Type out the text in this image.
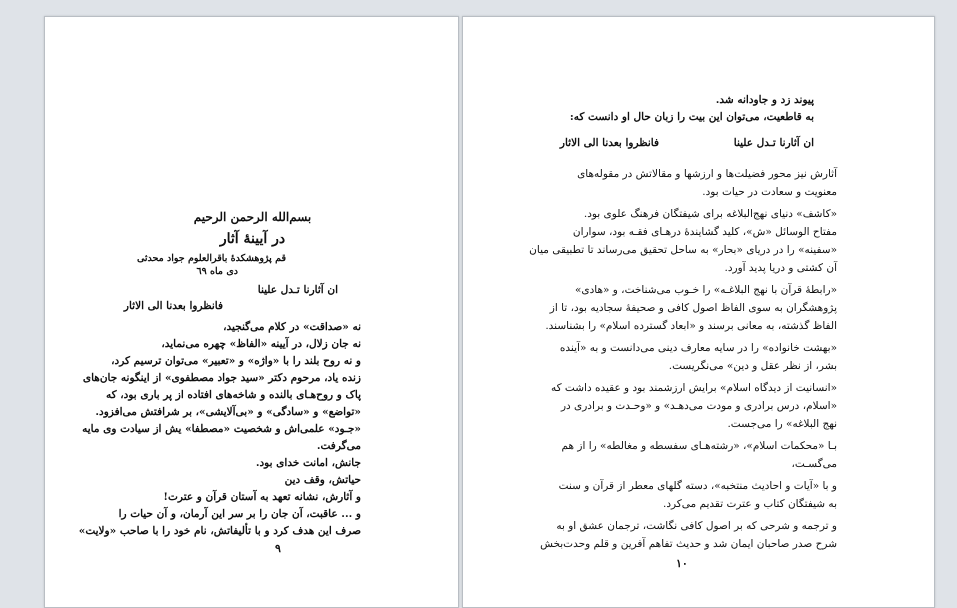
بسم‌الله الرحمن الرحیم
در آیینهٔ آثار
قم پژوهشکدهٔ باقرالعلوم جواد محدثی
دی ماه ٦٩
ان آثارنا تـدل علینا
فانظروا بعدنا الی الاثار
نه «صداقت» در کلام می‌گنجید،
نه جان زلال، در آیینه «الفاظ» چهره می‌نماید،
و نه روح بلند را با «واژه» و «تعبیر» می‌توان ترسیم کرد،
زنده یاد، مرحوم دکتر «سید جواد مصطفوی» از اینگونه جان‌های
پاک و روح‌هـای بالنده و شاخه‌های افتاده از پر باری بود، که
«تواضع» و «سادگی» و «بی‌آلایشی»، بر شرافتش می‌افزود.
«جـود» علمی‌اش و شخصیت «مصطفا» یش از سیادت وی مایه
می‌گرفت.
جانش، امانت خدای بود.
حیاتش، وقف دین
و آثارش، نشانه تعهد به آستان قرآن و عترت!
و ... عاقبت، آن جان را بر سر این آرمان، و آن حیات را
صرف این هدف کرد و با تألیفاتش، نام خود را با صاحب «ولایت»
٩
پیوند زد و جاودانه شد.
به قاطعیت، می‌توان این بیت را زبان حال او دانست که:
ان آثارنا تـدل علینا
فانظروا بعدنا الی الاثار
آثارش نیز محور فضیلت‌ها و ارزشها و مقالاتش در مقوله‌های
معنویت و سعادت در حیات بود.
«کاشف» دنیای نهج‌البلاغه برای شیفتگان فرهنگ علوی بود.
مفتاح الوسائل «ش»، کلید گشایندهٔ درهـای فقـه بود، سواران
«سفینه» را در دریای «بحار» به ساحل تحقیق می‌رساند تا تطبیقی میان
آن کشتی و دریا پدید آورد.
«رابطهٔ قرآن با نهج البلاغـه» را خـوب می‌شناخت، و «هادی»
پژوهشگران به سوی الفاظ اصول کافی و صحیفهٔ سجادیه بود، تا از
الفاظ گذشته، به معانی برسند و «ابعاد گسترده اسلام» را بشناسند.
«بهشت خانواده» را در سایه معارف دینی می‌دانست و به «آینده
بشر، از نظر عقل و دین» می‌نگریست.
«انسانیت از دیدگاه اسلام» برایش ارزشمند بود و عقیده داشت که
«اسلام، درس برادری و مودت می‌دهـد» و «وحـدت و برادری در
نهج البلاغه» را می‌جست.
بـا «محکمات اسلام»، «رشته‌هـای سفسطه و مغالطه» را از هم
می‌گسـت،
و با «آیات و احادیث منتخبه»، دسته گلهای معطر از قرآن و سنت
به شیفتگان کتاب و عترت تقدیم می‌کرد.
و ترجمه و شرحی که بر اصول کافی نگاشت، ترجمان عشق او به
شرح صدر صاحبان ایمان شد و حدیث تفاهم آفرین و قلم وحدت‌بخش
١٠
